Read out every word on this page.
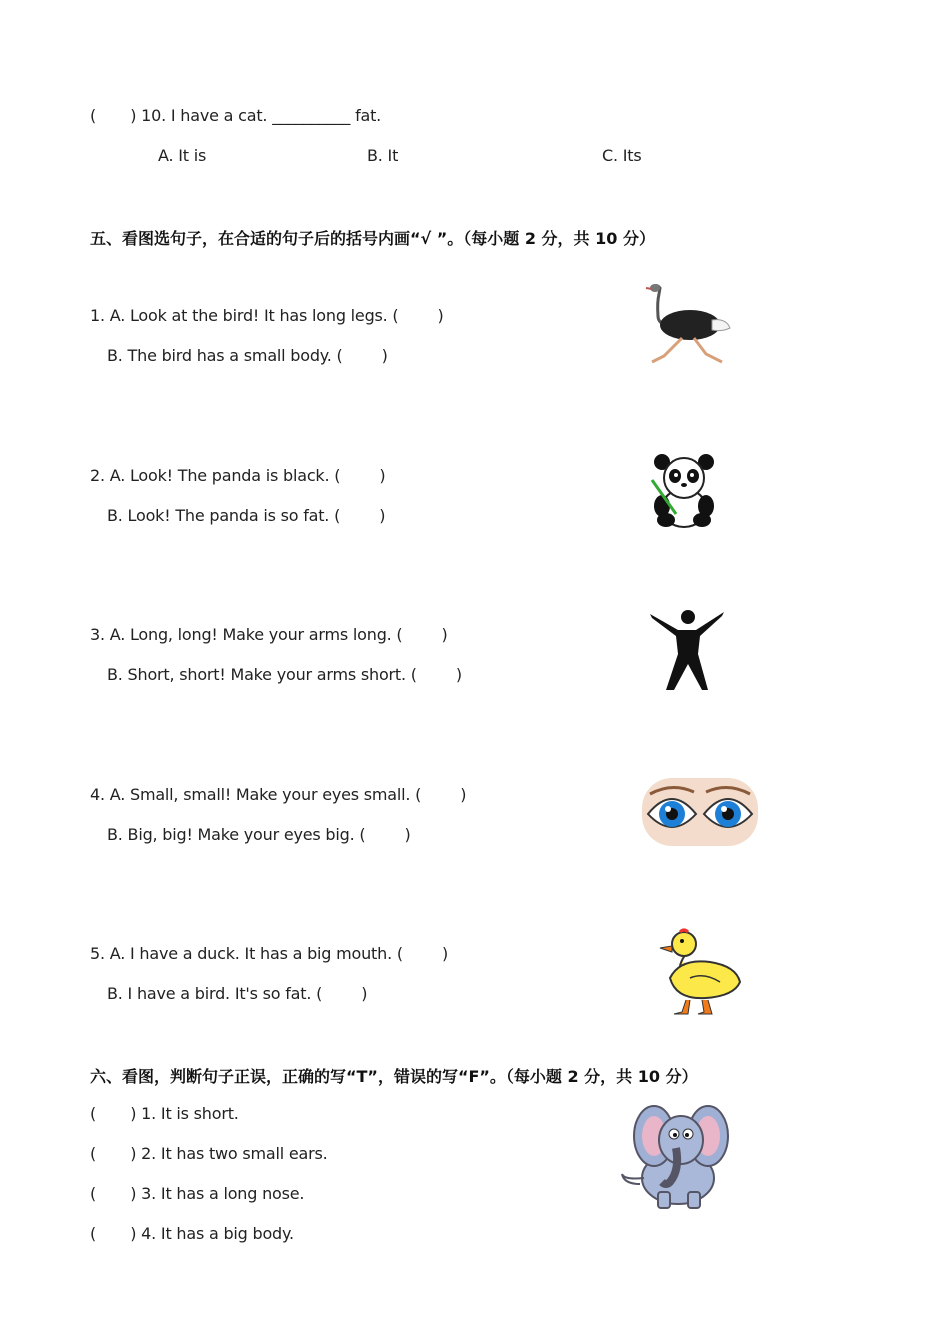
(       ) 10. I have a cat. __________ fat.
A. It is	B. It	C. Its
五、看图选句子，在合适的句子后的括号内画“√ ”。（每小题 2 分，共 10 分）
1. A. Look at the bird! It has long legs. (        )
B. The bird has a small body. (        )
2. A. Look! The panda is black. (        )
B. Look! The panda is so fat. (        )
3. A. Long, long! Make your arms long. (        )
B. Short, short! Make your arms short. (        )
4. A. Small, small! Make your eyes small. (        )
B. Big, big! Make your eyes big. (        )
5. A. I have a duck. It has a big mouth. (        )
B. I have a bird. It's so fat. (        )
六、看图，判断句子正误，正确的写“T”，错误的写“F”。（每小题 2 分，共 10 分）
(       ) 1. It is short.
(       ) 2. It has two small ears.
(       ) 3. It has a long nose.
(       ) 4. It has a big body.
